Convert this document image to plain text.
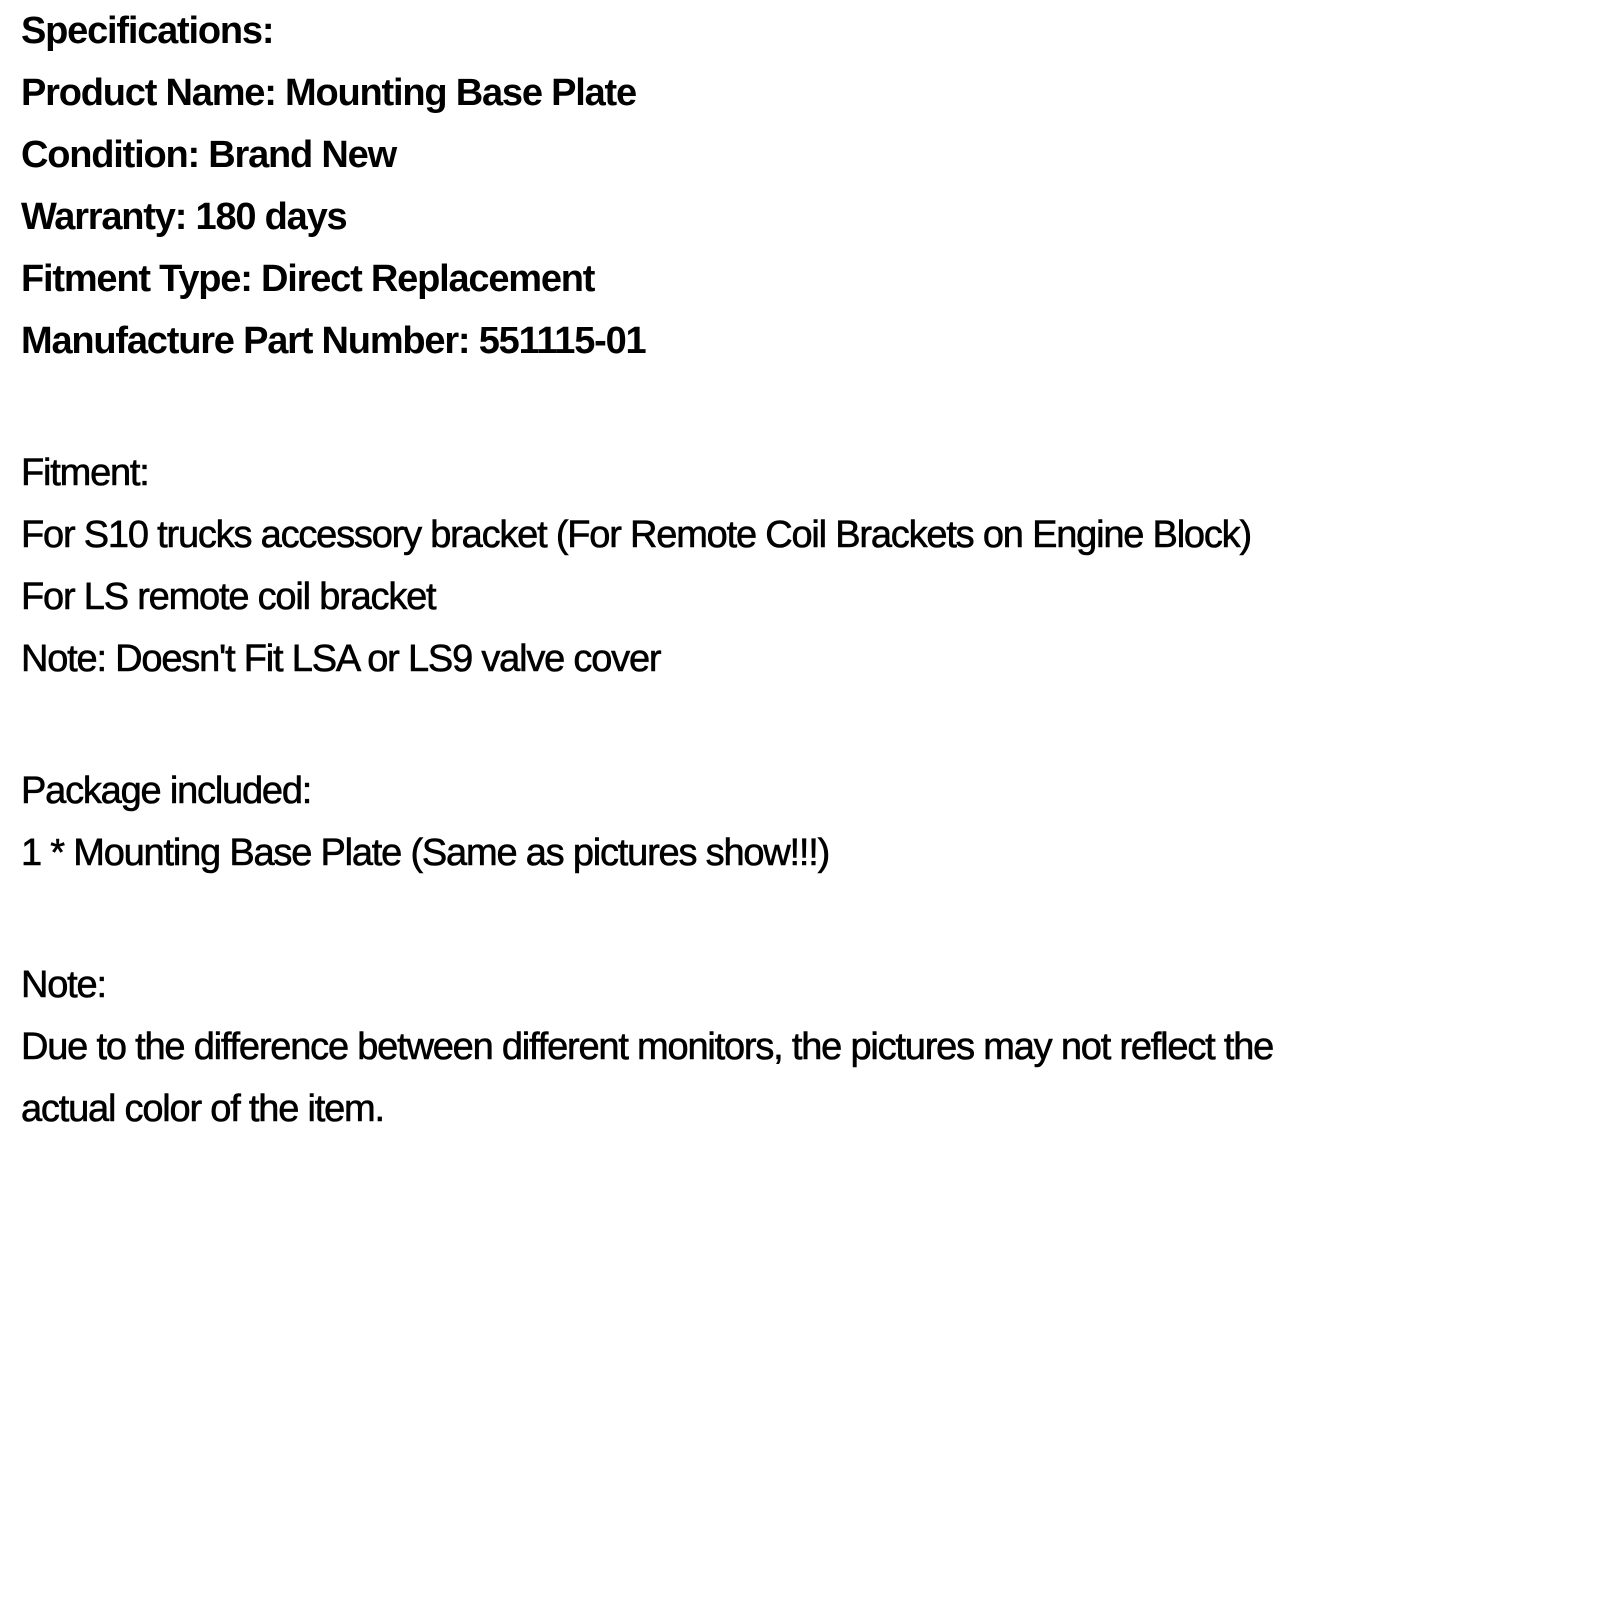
Specifications:
Product Name: Mounting Base Plate
Condition: Brand New
Warranty: 180 days
Fitment Type: Direct Replacement
Manufacture Part Number: 551115-01
Fitment:
For S10 trucks accessory bracket (For Remote Coil Brackets on Engine Block)
For LS remote coil bracket
Note: Doesn't Fit LSA or LS9 valve cover
Package included:
1 * Mounting Base Plate (Same as pictures show!!!)
Note:
Due to the difference between different monitors, the pictures may not reflect the
actual color of the item.
